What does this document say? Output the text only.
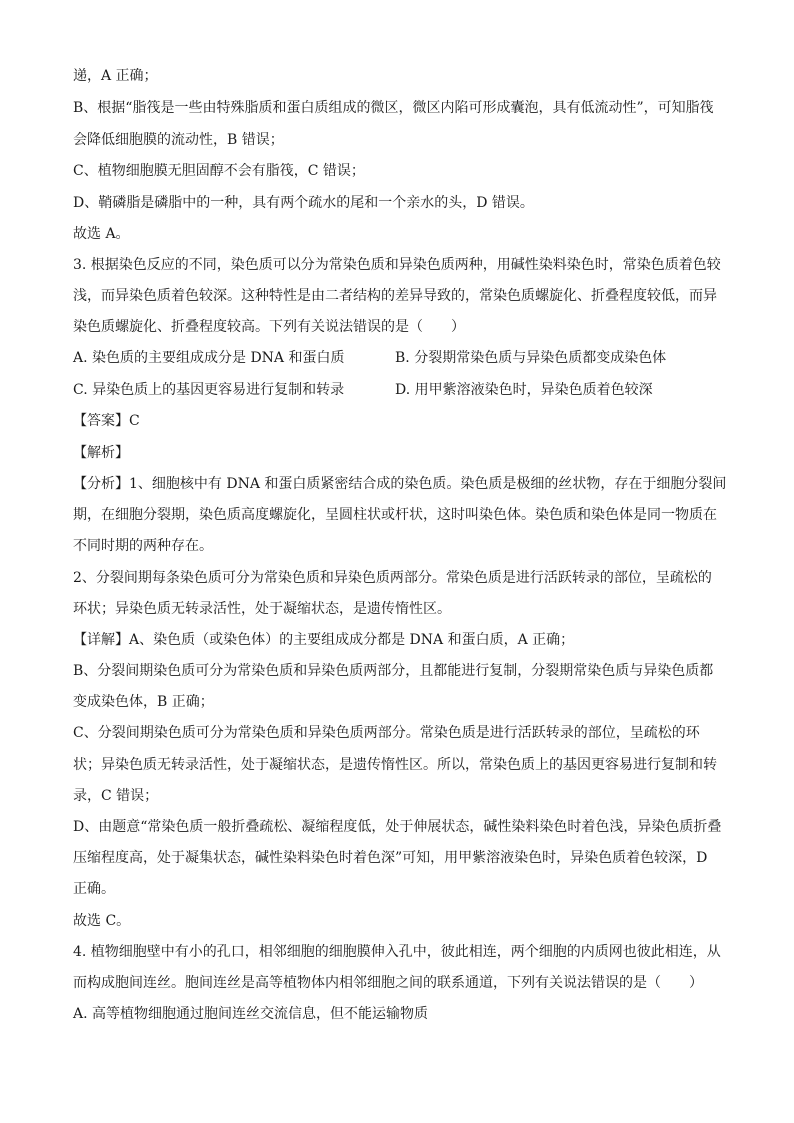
递，A 正确；
B、根据“脂筏是一些由特殊脂质和蛋白质组成的微区，微区内陷可形成囊泡，具有低流动性”，可知脂筏
会降低细胞膜的流动性，B 错误；
C、植物细胞膜无胆固醇不会有脂筏，C 错误；
D、鞘磷脂是磷脂中的一种，具有两个疏水的尾和一个亲水的头，D 错误。
故选 A。
3. 根据染色反应的不同，染色质可以分为常染色质和异染色质两种，用碱性染料染色时，常染色质着色较
浅，而异染色质着色较深。这种特性是由二者结构的差异导致的，常染色质螺旋化、折叠程度较低，而异
染色质螺旋化、折叠程度较高。下列有关说法错误的是（　　）
A. 染色质的主要组成成分是 DNA 和蛋白质	B. 分裂期常染色质与异染色质都变成染色体
C. 异染色质上的基因更容易进行复制和转录	D. 用甲紫溶液染色时，异染色质着色较深
【答案】C
【解析】
【分析】1、细胞核中有 DNA 和蛋白质紧密结合成的染色质。染色质是极细的丝状物，存在于细胞分裂间
期，在细胞分裂期，染色质高度螺旋化，呈圆柱状或杆状，这时叫染色体。染色质和染色体是同一物质在
不同时期的两种存在。
2、分裂间期每条染色质可分为常染色质和异染色质两部分。常染色质是进行活跃转录的部位，呈疏松的
环状；异染色质无转录活性，处于凝缩状态，是遗传惰性区。
【详解】A、染色质（或染色体）的主要组成成分都是 DNA 和蛋白质，A 正确；
B、分裂间期染色质可分为常染色质和异染色质两部分，且都能进行复制，分裂期常染色质与异染色质都
变成染色体，B 正确；
C、分裂间期染色质可分为常染色质和异染色质两部分。常染色质是进行活跃转录的部位，呈疏松的环
状；异染色质无转录活性，处于凝缩状态，是遗传惰性区。所以，常染色质上的基因更容易进行复制和转
录，C 错误；
D、由题意“常染色质一般折叠疏松、凝缩程度低，处于伸展状态，碱性染料染色时着色浅，异染色质折叠
压缩程度高，处于凝集状态，碱性染料染色时着色深”可知，用甲紫溶液染色时，异染色质着色较深，D
正确。
故选 C。
4. 植物细胞壁中有小的孔口，相邻细胞的细胞膜伸入孔中，彼此相连，两个细胞的内质网也彼此相连，从
而构成胞间连丝。胞间连丝是高等植物体内相邻细胞之间的联系通道，下列有关说法错误的是（　　）
A. 高等植物细胞通过胞间连丝交流信息，但不能运输物质
